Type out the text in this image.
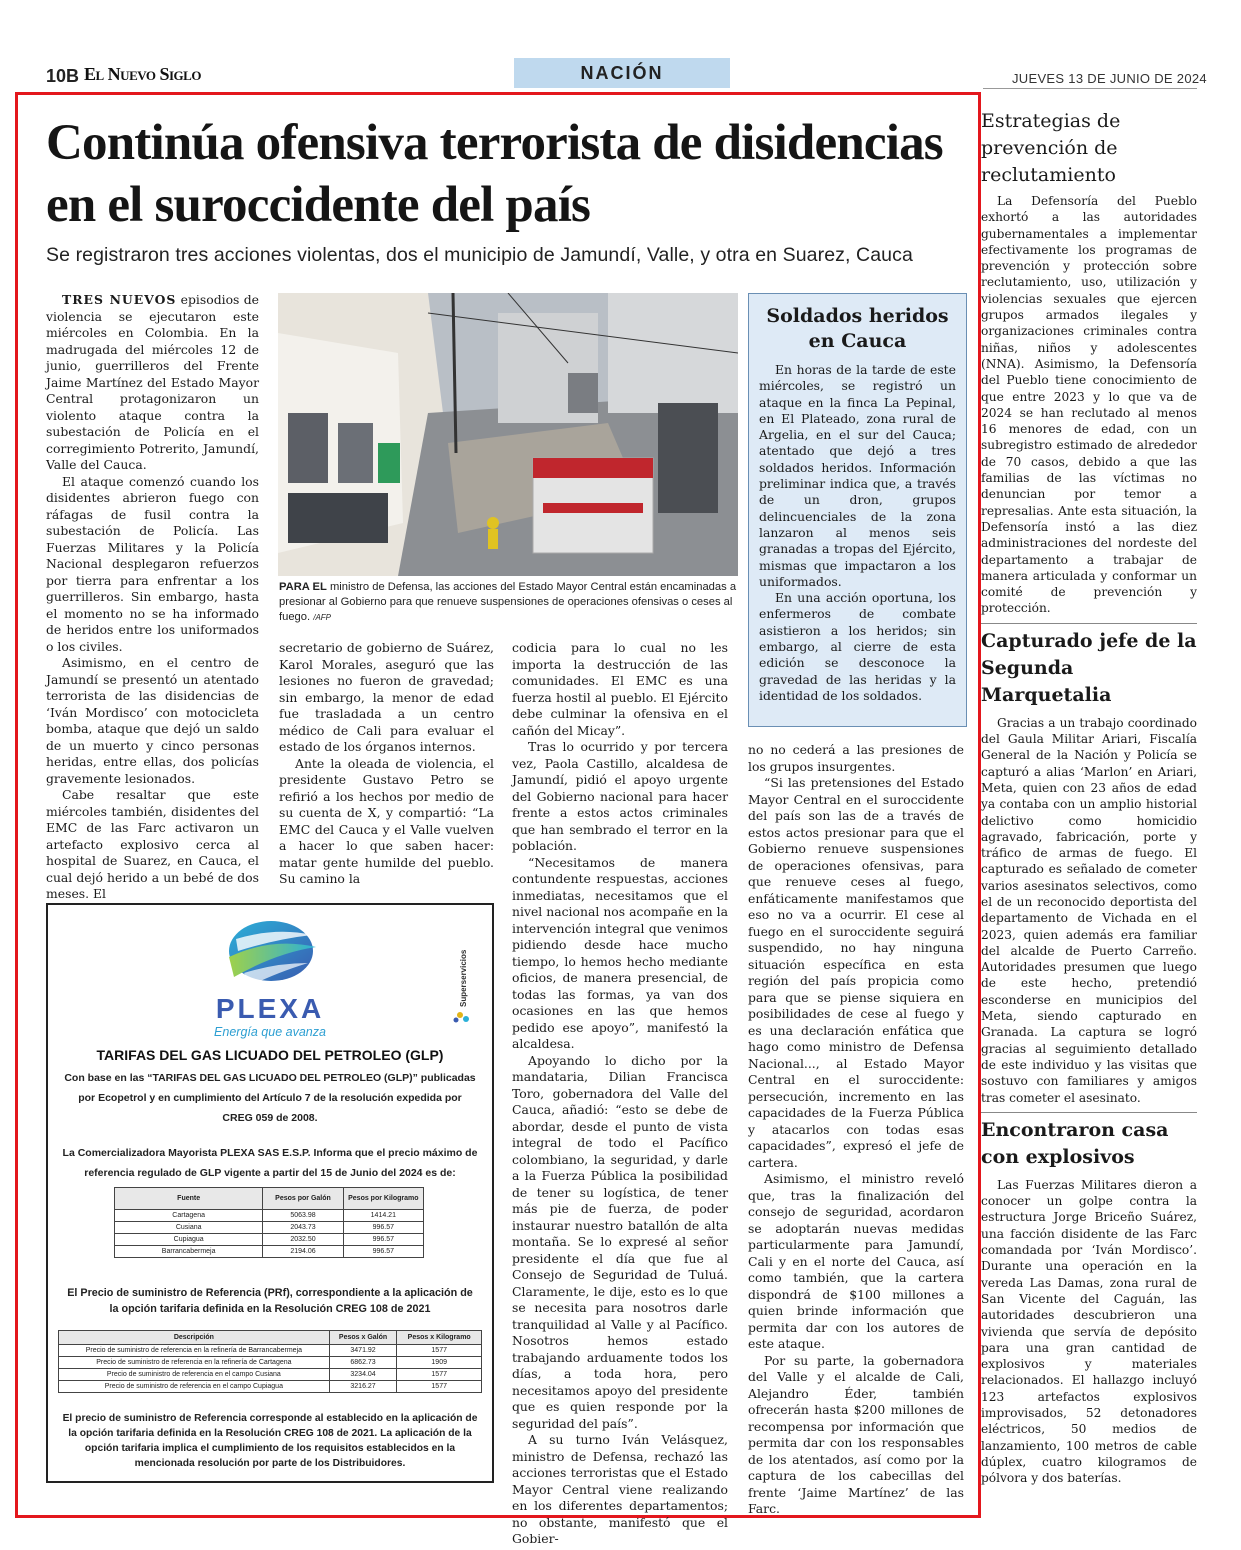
10B El Nuevo Siglo	NACIÓN	JUEVES 13 DE JUNIO DE 2024
Continúa ofensiva terrorista de disidencias en el suroccidente del país
Se registraron tres acciones violentas, dos el municipio de Jamundí, Valle, y otra en Suarez, Cauca

TRES NUEVOS episodios de violencia se ejecutaron este miércoles en Colombia. En la madrugada del miércoles 12 de junio, guerrilleros del Frente Jaime Martínez del Estado Mayor Central protagonizaron un violento ataque contra la subestación de Policía en el corregimiento Potrerito, Jamundí, Valle del Cauca.

El ataque comenzó cuando los disidentes abrieron fuego con ráfagas de fusil contra la subestación de Policía. Las Fuerzas Militares y la Policía Nacional desplegaron refuerzos por tierra para enfrentar a los guerrilleros. Sin embargo, hasta el momento no se ha informado de heridos entre los uniformados o los civiles.

Asimismo, en el centro de Jamundí se presentó un atentado terrorista de las disidencias de ‘Iván Mordisco’ con motocicleta bomba, ataque que dejó un saldo de un muerto y cinco personas heridas, entre ellas, dos policías gravemente lesionados.

Cabe resaltar que este miércoles también, disidentes del EMC de las Farc activaron un artefacto explosivo cerca al hospital de Suarez, en Cauca, el cual dejó herido a un bebé de dos meses. El

PARA EL ministro de Defensa, las acciones del Estado Mayor Central están encaminadas a presionar al Gobierno para que renueve suspensiones de operaciones ofensivas o ceses al fuego. /AFP
Soldados heridos en Cauca

En horas de la tarde de este miércoles, se registró un ataque en la finca La Pepinal, en El Plateado, zona rural de Argelia, en el sur del Cauca; atentado que dejó a tres soldados heridos. Información preliminar indica que, a través de un dron, grupos delincuenciales de la zona lanzaron al menos seis granadas a tropas del Ejército, mismas que impactaron a los uniformados.

En una acción oportuna, los enfermeros de combate asistieron a los heridos; sin embargo, al cierre de esta edición se desconoce la gravedad de las heridas y la identidad de los soldados.

secretario de gobierno de Suárez, Karol Morales, aseguró que las lesiones no fueron de gravedad; sin embargo, la menor de edad fue trasladada a un centro médico de Cali para evaluar el estado de los órganos internos.

Ante la oleada de violencia, el presidente Gustavo Petro se refirió a los hechos por medio de su cuenta de X, y compartió: “La EMC del Cauca y el Valle vuelven a hacer lo que saben hacer: matar gente humilde del pueblo. Su camino la

codicia para lo cual no les importa la destrucción de las comunidades. El EMC es una fuerza hostil al pueblo. El Ejército debe culminar la ofensiva en el cañón del Micay”.

Tras lo ocurrido y por tercera vez, Paola Castillo, alcaldesa de Jamundí, pidió el apoyo urgente del Gobierno nacional para hacer frente a estos actos criminales que han sembrado el terror en la población.

“Necesitamos de manera contundente respuestas, acciones inmediatas, necesitamos que el nivel nacional nos acompañe en la intervención integral que venimos pidiendo desde hace mucho tiempo, lo hemos hecho mediante oficios, de manera presencial, de todas las formas, ya van dos ocasiones en las que hemos pedido ese apoyo”, manifestó la alcaldesa.

Apoyando lo dicho por la mandataria, Dilian Francisca Toro, gobernadora del Valle del Cauca, añadió: “esto se debe de abordar, desde el punto de vista integral de todo el Pacífico colombiano, la seguridad, y darle a la Fuerza Pública la posibilidad de tener su logística, de tener más pie de fuerza, de poder instaurar nuestro batallón de alta montaña. Se lo expresé al señor presidente el día que fue al Consejo de Seguridad de Tuluá. Claramente, le dije, esto es lo que se necesita para nosotros darle tranquilidad al Valle y al Pacífico. Nosotros hemos estado trabajando arduamente todos los días, a toda hora, pero necesitamos apoyo del presidente que es quien responde por la seguridad del país”.

A su turno Iván Velásquez, ministro de Defensa, rechazó las acciones terroristas que el Estado Mayor Central viene realizando en los diferentes departamentos; no obstante, manifestó que el Gobier-

no no cederá a las presiones de los grupos insurgentes.

“Si las pretensiones del Estado Mayor Central en el suroccidente del país son las de a través de estos actos presionar para que el Gobierno renueve suspensiones de operaciones ofensivas, para que renueve ceses al fuego, enfáticamente manifestamos que eso no va a ocurrir. El cese al fuego en el suroccidente seguirá suspendido, no hay ninguna situación específica en esta región del país propicia como para que se piense siquiera en posibilidades de cese al fuego y es una declaración enfática que hago como ministro de Defensa Nacional..., al Estado Mayor Central en el suroccidente: persecución, incremento en las capacidades de la Fuerza Pública y atacarlos con todas esas capacidades”, expresó el jefe de cartera.

Asimismo, el ministro reveló que, tras la finalización del consejo de seguridad, acordaron se adoptarán nuevas medidas particularmente para Jamundí, Cali y en el norte del Cauca, así como también, que la cartera dispondrá de $100 millones a quien brinde información que permita dar con los autores de este ataque.

Por su parte, la gobernadora del Valle y el alcalde de Cali, Alejandro Éder, también ofrecerán hasta $200 millones de recompensa por información que permita dar con los responsables de los atentados, así como por la captura de los cabecillas del frente ‘Jaime Martínez’ de las Farc.

PLEXA
Energía que avanza
Superservicios
TARIFAS DEL GAS LICUADO DEL PETROLEO (GLP)
Con base en las “TARIFAS DEL GAS LICUADO DEL PETROLEO (GLP)” publicadas por Ecopetrol y en cumplimiento del Artículo 7 de la resolución expedida por CREG 059 de 2008.
La Comercializadora Mayorista PLEXA SAS E.S.P. Informa que el precio máximo de referencia regulado de GLP vigente a partir del 15 de Junio del 2024 es de:
Fuente	Pesos por Galón	Pesos por Kilogramo
Cartagena	5063.98	1414.21
Cusiana	2043.73	996.57
Cupiagua	2032.50	996.57
Barrancabermeja	2194.06	996.57
El Precio de suministro de Referencia (PRf), correspondiente a la aplicación de la opción tarifaria definida en la Resolución CREG 108 de 2021
Descripción	Pesos x Galón	Pesos x Kilogramo
Precio de suministro de referencia en la refinería de Barrancabermeja	3471.92	1577
Precio de suministro de referencia en la refinería de Cartagena	6862.73	1909
Precio de suministro de referencia en el campo Cusiana	3234.04	1577
Precio de suministro de referencia en el campo Cupiagua	3216.27	1577
El precio de suministro de Referencia corresponde al establecido en la aplicación de la opción tarifaria definida en la Resolución CREG 108 de 2021. La aplicación de la opción tarifaria implica el cumplimiento de los requisitos establecidos en la mencionada resolución por parte de los Distribuidores.
Estrategias de prevención de reclutamiento

La Defensoría del Pueblo exhortó a las autoridades gubernamentales a implementar efectivamente los programas de prevención y protección sobre reclutamiento, uso, utilización y violencias sexuales que ejercen grupos armados ilegales y organizaciones criminales contra niñas, niños y adolescentes (NNA). Asimismo, la Defensoría del Pueblo tiene conocimiento de que entre 2023 y lo que va de 2024 se han reclutado al menos 16 menores de edad, con un subregistro estimado de alrededor de 70 casos, debido a que las familias de las víctimas no denuncian por temor a represalias. Ante esta situación, la Defensoría instó a las diez administraciones del nordeste del departamento a trabajar de manera articulada y conformar un comité de prevención y protección.

Capturado jefe de la Segunda Marquetalia

Gracias a un trabajo coordinado del Gaula Militar Ariari, Fiscalía General de la Nación y Policía se capturó a alias ‘Marlon’ en Ariari, Meta, quien con 23 años de edad ya contaba con un amplio historial delictivo como homicidio agravado, fabricación, porte y tráfico de armas de fuego. El capturado es señalado de cometer varios asesinatos selectivos, como el de un reconocido deportista del departamento de Vichada en el 2023, quien además era familiar del alcalde de Puerto Carreño. Autoridades presumen que luego de este hecho, pretendió esconderse en municipios del Meta, siendo capturado en Granada. La captura se logró gracias al seguimiento detallado de este individuo y las visitas que sostuvo con familiares y amigos tras cometer el asesinato.

Encontraron casa con explosivos

Las Fuerzas Militares dieron a conocer un golpe contra la estructura Jorge Briceño Suárez, una facción disidente de las Farc comandada por ‘Iván Mordisco’. Durante una operación en la vereda Las Damas, zona rural de San Vicente del Caguán, las autoridades descubrieron una vivienda que servía de depósito para una gran cantidad de explosivos y materiales relacionados. El hallazgo incluyó 123 artefactos explosivos improvisados, 52 detonadores eléctricos, 50 medios de lanzamiento, 100 metros de cable dúplex, cuatro kilogramos de pólvora y dos baterías.
